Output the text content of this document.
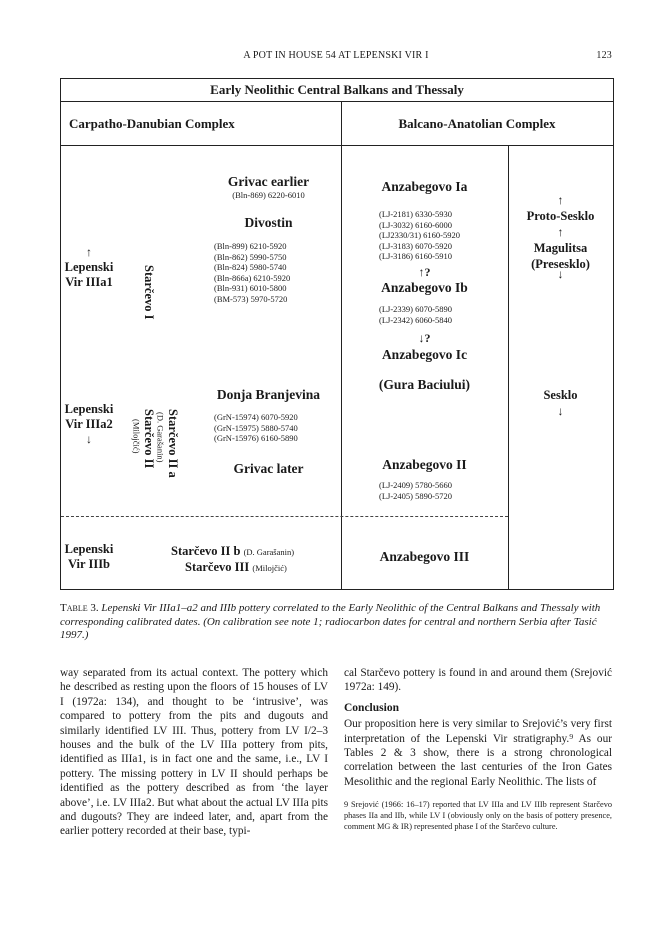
A POT IN HOUSE 54 AT LEPENSKI VIR I	123
Early Neolithic Central Balkans and Thessaly
Carpatho-Danubian Complex	Balcano-Anatolian Complex
↑
Lepenski
Vir IIIa1
Lepenski
Vir IIIa2
↓
Lepenski
Vir IIIb
Starčevo I
Starčevo II a
(D. Garašanin)
Starčevo II
(Milojčić)
Grivac earlier
(Bln-869) 6220-6010
Divostin
(Bln-899) 6210-5920
(Bln-862) 5990-5750
(Bln-824) 5980-5740
(Bln-866a) 6210-5920
(Bln-931) 6010-5800
(BM-573) 5970-5720
Donja Branjevina
(GrN-15974) 6070-5920
(GrN-15975) 5880-5740
(GrN-15976) 6160-5890
Grivac later
Starčevo II b (D. Garašanin)
Starčevo III (Milojčić)
Anzabegovo Ia
(LJ-2181) 6330-5930
(LJ-3032) 6160-6000
(LJ2330/31) 6160-5920
(LJ-3183) 6070-5920
(LJ-3186) 6160-5910
↑?
Anzabegovo Ib
(LJ-2339) 6070-5890
(LJ-2342) 6060-5840
↓?
Anzabegovo Ic
(Gura Baciului)
Anzabegovo II
(LJ-2409) 5780-5660
(LJ-2405) 5890-5720
Anzabegovo III
↑
Proto-Sesklo
↑
Magulitsa
(Presesklo)
↓
Sesklo
↓
Table 3. Lepenski Vir IIIa1–a2 and IIIb pottery correlated to the Early Neolithic of the Central Balkans and Thessaly with corresponding calibrated dates. (On calibration see note 1; radiocarbon dates for central and northern Serbia after Tasić 1997.)

way separated from its actual context. The pottery which he described as resting upon the floors of 15 houses of LV I (1972a: 134), and thought to be ‘intrusive’, was compared to pottery from the pits and dugouts and similarly identified LV III. Thus, pottery from LV I/2–3 houses and the bulk of the LV IIIa pottery from pits, identified as IIIa1, is in fact one and the same, i.e., LV I pottery. The missing pottery in LV II should perhaps be identified as the pottery described as from ‘the layer above’, i.e. LV IIIa2. But what about the actual LV IIIa pits and dugouts? They are indeed later, and, apart from the earlier pottery recorded at their base, typi-

cal Starčevo pottery is found in and around them (Srejović 1972a: 149).

Conclusion

Our proposition here is very similar to Srejović’s very first interpretation of the Lepenski Vir stratigraphy.⁹ As our Tables 2 & 3 show, there is a strong chronological correlation between the last centuries of the Iron Gates Mesolithic and the regional Early Neolithic. The lists of

9 Srejović (1966: 16–17) reported that LV IIIa and LV IIIb represent Starčevo phases IIa and IIb, while LV I (obviously only on the basis of pottery presence, comment MG & IR) represented phase I of the Starčevo culture.
